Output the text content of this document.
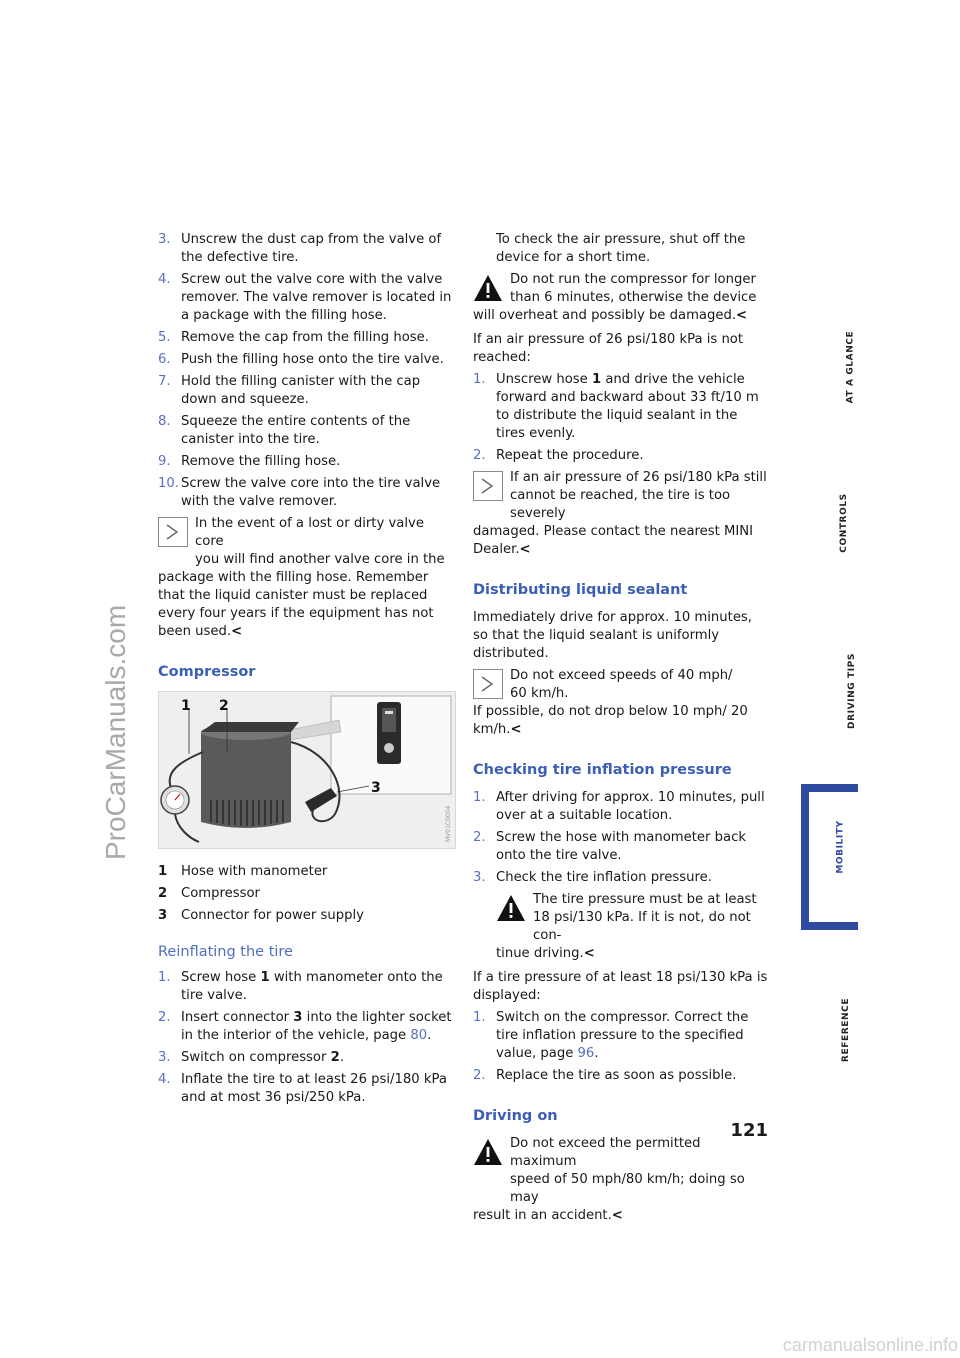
ProCarManuals.com
3. Unscrew the dust cap from the valve of the defective tire.
4. Screw out the valve core with the valve remover. The valve remover is located in a package with the filling hose.
5. Remove the cap from the filling hose.
6. Push the filling hose onto the tire valve.
7. Hold the filling canister with the cap down and squeeze.
8. Squeeze the entire contents of the canister into the tire.
9. Remove the filling hose.
10. Screw the valve core into the tire valve with the valve remover.
In the event of a lost or dirty valve core
you will find another valve core in the
package with the filling hose. Remember that the liquid canister must be replaced every four years if the equipment has not been used.<
Compressor
1 2
3
MV01C0004
1 Hose with manometer
2 Compressor
3 Connector for power supply
Reinflating the tire
1. Screw hose 1 with manometer onto the tire valve.
2. Insert connector 3 into the lighter socket in the interior of the vehicle, page 80.
3. Switch on compressor 2.
4. Inflate the tire to at least 26 psi/180 kPa and at most 36 psi/250 kPa.

To check the air pressure, shut off the device for a short time.

Do not run the compressor for longer
than 6 minutes, otherwise the device
will overheat and possibly be damaged.<

If an air pressure of 26 psi/180 kPa is not reached:

1. Unscrew hose 1 and drive the vehicle forward and backward about 33 ft/10 m to distribute the liquid sealant in the tires evenly.
2. Repeat the procedure.
If an air pressure of 26 psi/180 kPa still
cannot be reached, the tire is too severely
damaged. Please contact the nearest MINI Dealer.<
Distributing liquid sealant

Immediately drive for approx. 10 minutes, so that the liquid sealant is uniformly distributed.

Do not exceed speeds of 40 mph/
60 km/h.
If possible, do not drop below 10 mph/ 20 km/h.<
Checking tire inflation pressure
1. After driving for approx. 10 minutes, pull over at a suitable location.
2. Screw the hose with manometer back onto the tire valve.
3. Check the tire inflation pressure.
The tire pressure must be at least
18 psi/130 kPa. If it is not, do not con-
tinue driving.<

If a tire pressure of at least 18 psi/130 kPa is displayed:

1. Switch on the compressor. Correct the tire inflation pressure to the specified value, page 96.
2. Replace the tire as soon as possible.
Driving on
Do not exceed the permitted maximum
speed of 50 mph/80 km/h; doing so may
result in an accident.<
AT A GLANCE
CONTROLS
DRIVING TIPS
MOBILITY
REFERENCE
121
carmanualsonline.info
